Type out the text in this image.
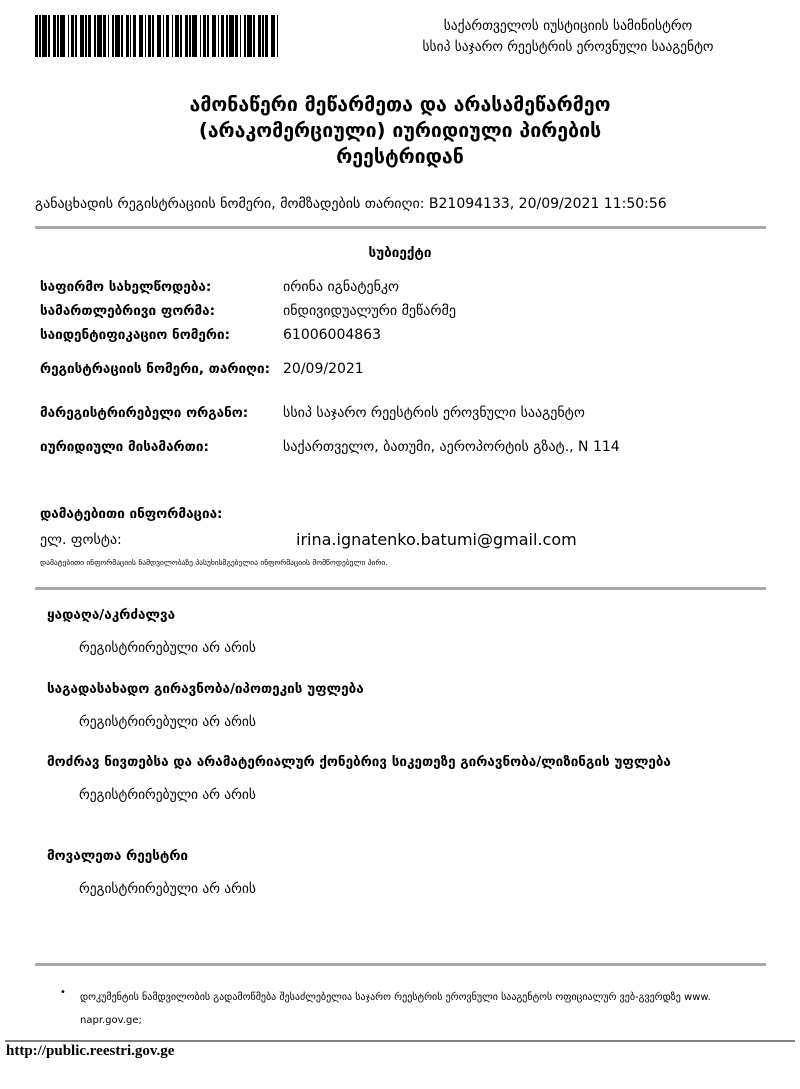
საქართველოს იუსტიციის სამინისტრო
სსიპ საჯარო რეესტრის ეროვნული სააგენტო
ამონაწერი მეწარმეთა და არასამეწარმეო
(არაკომერციული) იურიდიული პირების
რეესტრიდან
განაცხადის რეგისტრაციის ნომერი, მომზადების თარიღი: B21094133, 20/09/2021 11:50:56
სუბიექტი
საფირმო სახელწოდება:	ირინა იგნატენკო
სამართლებრივი ფორმა:	ინდივიდუალური მეწარმე
საიდენტიფიკაციო ნომერი:	61006004863
რეგისტრაციის ნომერი, თარიღი: 20/09/2021
მარეგისტრირებელი ორგანო:	სსიპ საჯარო რეესტრის ეროვნული სააგენტო
იურიდიული მისამართი:	საქართველო, ბათუმი, აეროპორტის გზატ., N 114
დამატებითი ინფორმაცია:
ელ. ფოსტა:	irina.ignatenko.batumi@gmail.com
დამატებითი ინფორმაციის ნამდვილობაზე პასუხისმგებელია ინფორმაციის მომწოდებელი პირი.
ყადაღა/აკრძალვა
რეგისტრირებული არ არის
საგადასახადო გირავნობა/იპოთეკის უფლება
რეგისტრირებული არ არის
მოძრავ ნივთებსა და არამატერიალურ ქონებრივ სიკეთეზე გირავნობა/ლიზინგის უფლება
რეგისტრირებული არ არის
მოვალეთა რეესტრი
რეგისტრირებული არ არის
• დოკუმენტის ნამდვილობის გადამოწმება შესაძლებელია საჯარო რეესტრის ეროვნული სააგენტოს ოფიციალურ ვებ-გვერდზე www. napr.gov.ge;
http://public.reestri.gov.ge
